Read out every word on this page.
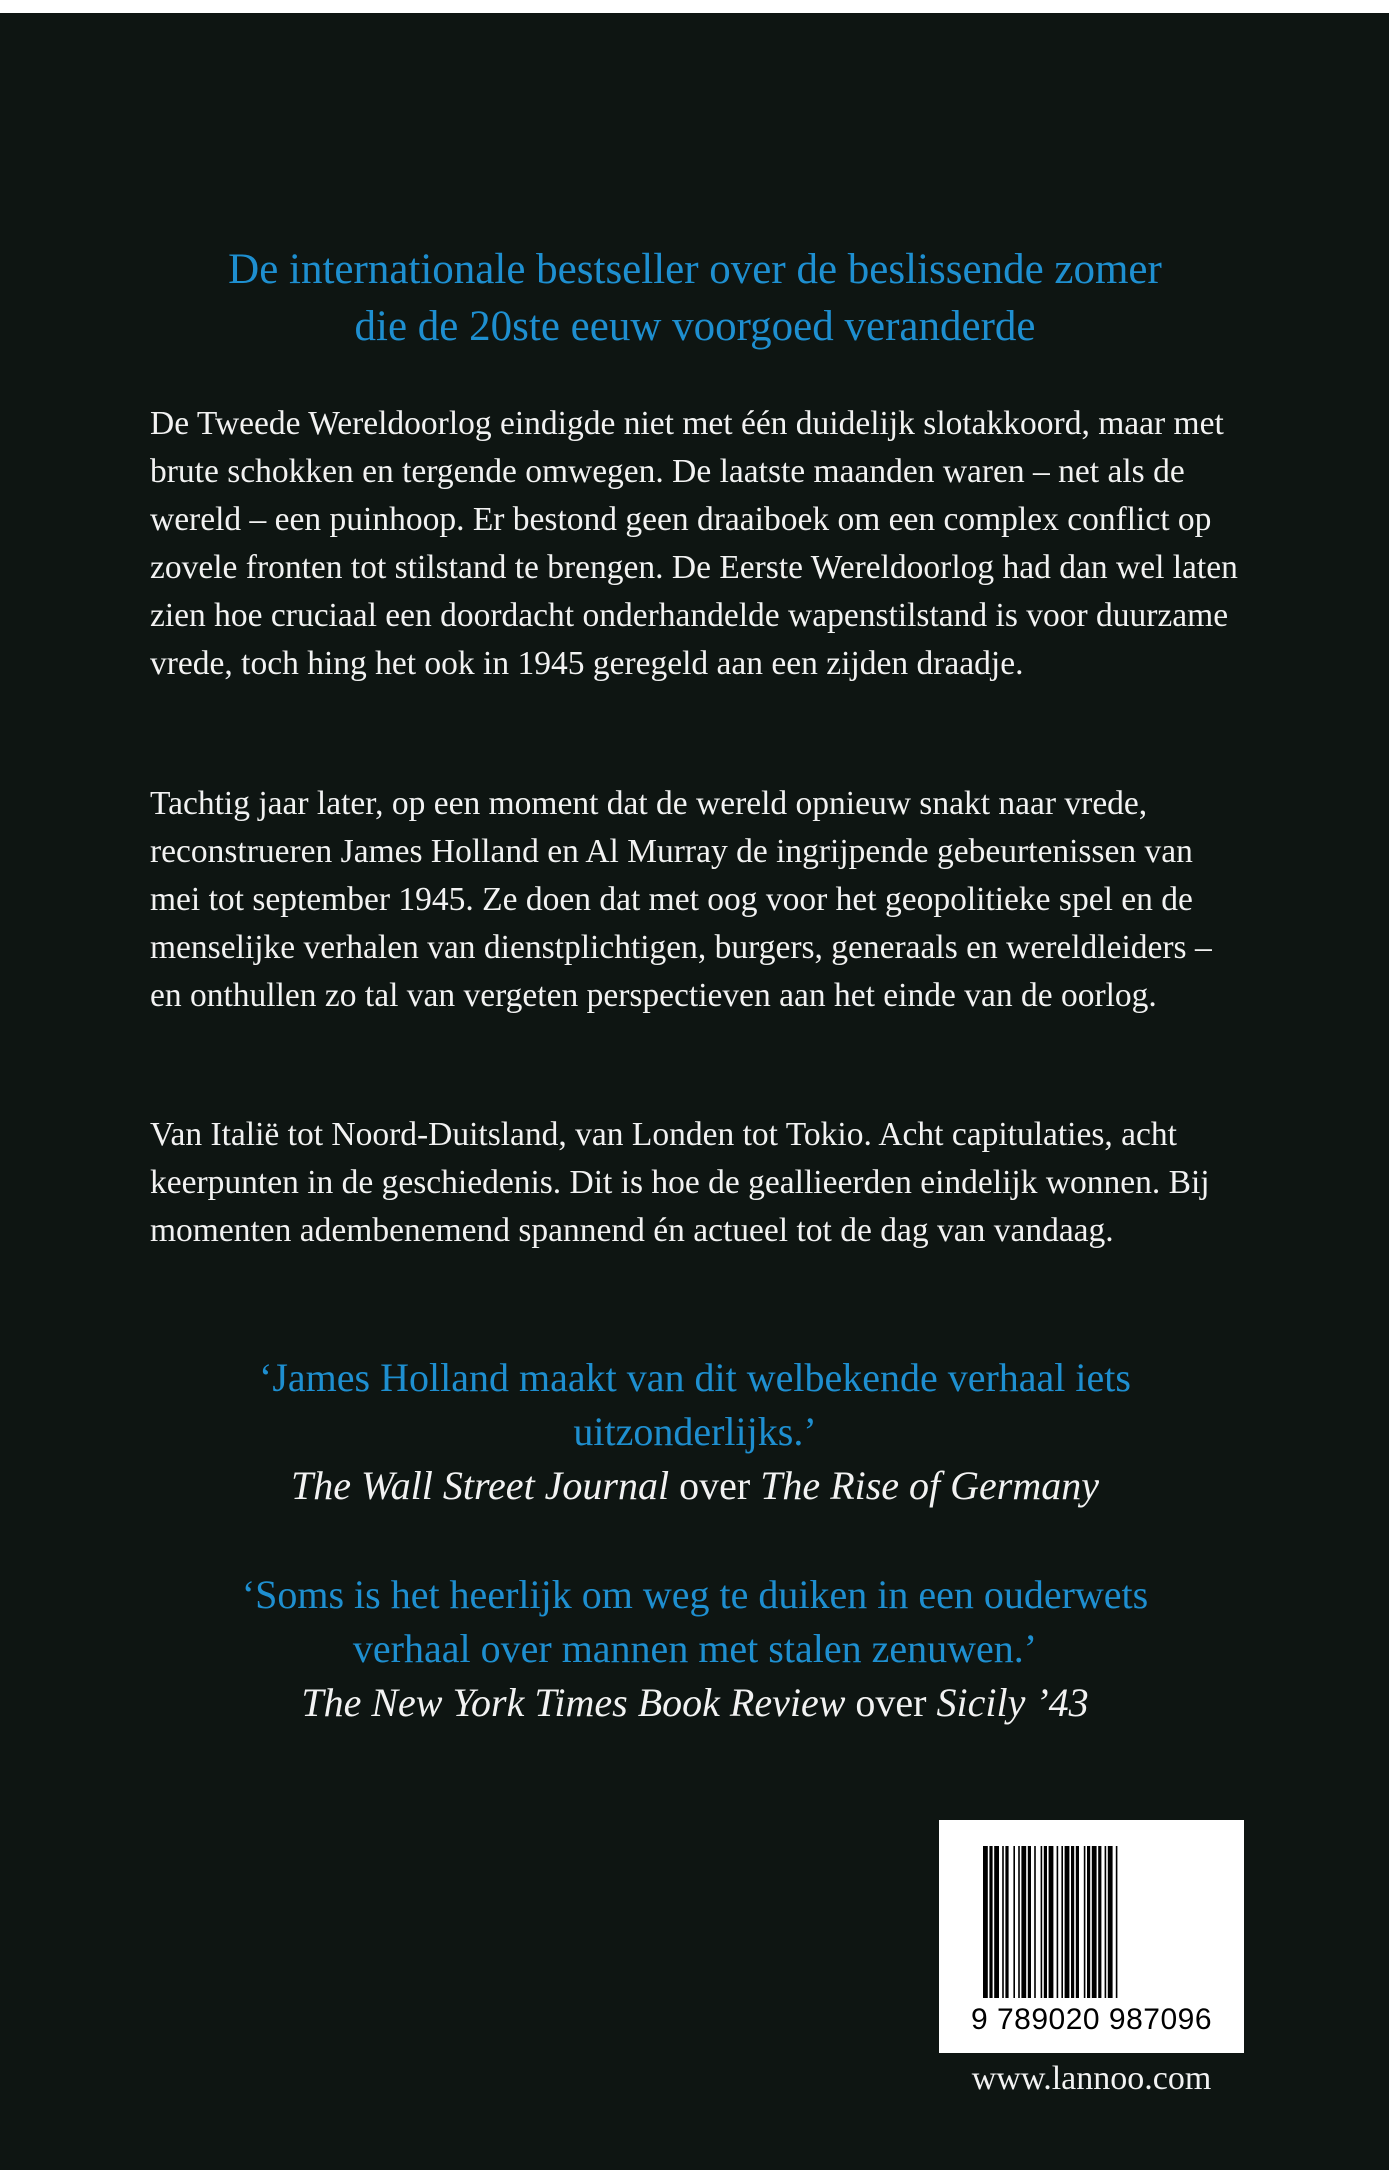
De internationale bestseller over de beslissende zomer
die de 20ste eeuw voorgoed veranderde

De Tweede Wereldoorlog eindigde niet met één duidelijk slotakkoord, maar met brute schokken en tergende omwegen. De laatste maanden waren – net als de wereld – een puinhoop. Er bestond geen draaiboek om een complex conflict op zovele fronten tot stilstand te brengen. De Eerste Wereldoorlog had dan wel laten zien hoe cruciaal een doordacht onderhandelde wapenstilstand is voor duurzame vrede, toch hing het ook in 1945 geregeld aan een zijden draadje.

Tachtig jaar later, op een moment dat de wereld opnieuw snakt naar vrede, reconstrueren James Holland en Al Murray de ingrijpende gebeurtenissen van mei tot september 1945. Ze doen dat met oog voor het geopolitieke spel en de menselijke verhalen van dienstplichtigen, burgers, generaals en wereldleiders – en onthullen zo tal van vergeten perspectieven aan het einde van de oorlog.

Van Italië tot Noord-Duitsland, van Londen tot Tokio. Acht capitulaties, acht keerpunten in de geschiedenis. Dit is hoe de geallieerden eindelijk wonnen. Bij momenten adembenemend spannend én actueel tot de dag van vandaag.

‘James Holland maakt van dit welbekende verhaal iets
uitzonderlijks.’
The Wall Street Journal over The Rise of Germany
‘Soms is het heerlijk om weg te duiken in een ouderwets
verhaal over mannen met stalen zenuwen.’
The New York Times Book Review over Sicily ’43
9 789020 987096
www.lannoo.com
